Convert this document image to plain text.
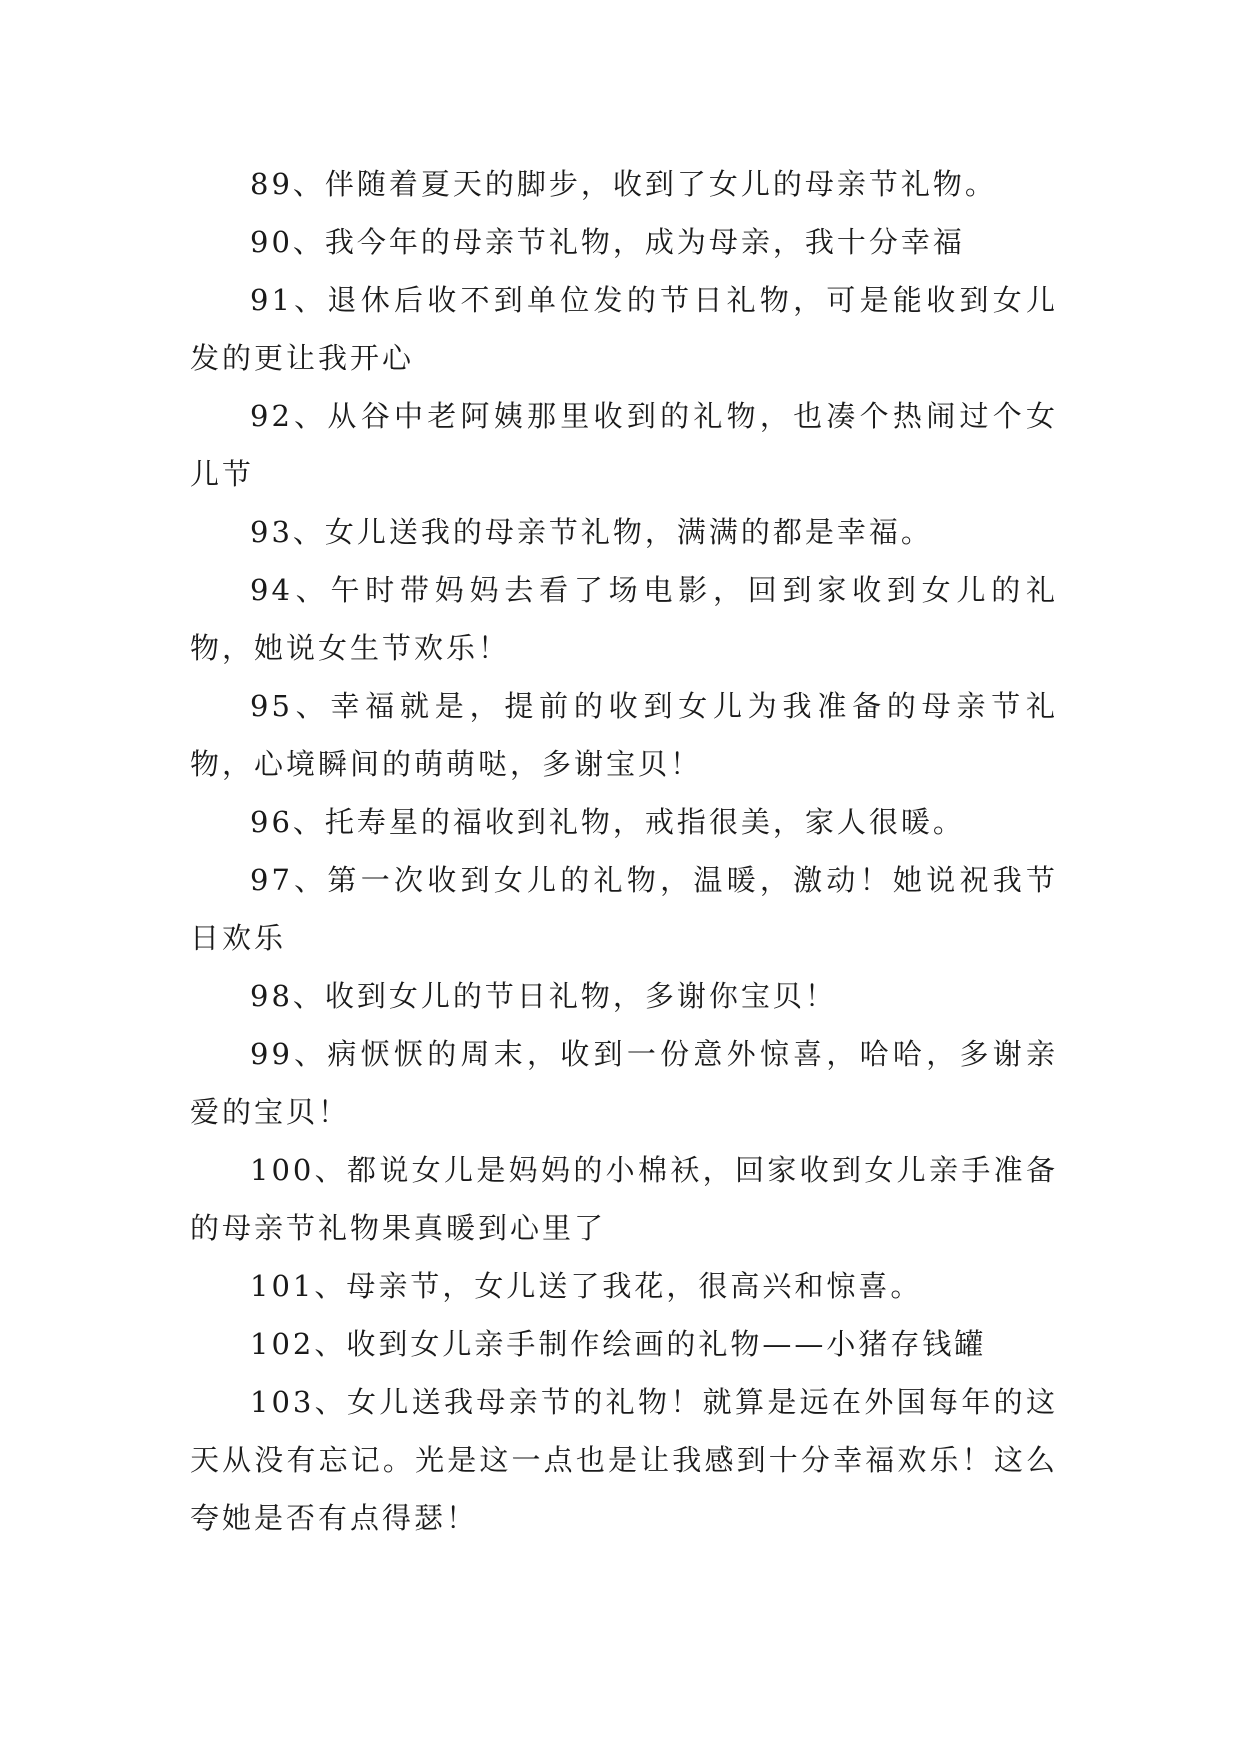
89、伴随着夏天的脚步，收到了女儿的母亲节礼物。

90、我今年的母亲节礼物，成为母亲，我十分幸福

91、退休后收不到单位发的节日礼物，可是能收到女儿发的更让我开心

92、从谷中老阿姨那里收到的礼物，也凑个热闹过个女儿节

93、女儿送我的母亲节礼物，满满的都是幸福。

94、午时带妈妈去看了场电影，回到家收到女儿的礼物，她说女生节欢乐！

95、幸福就是，提前的收到女儿为我准备的母亲节礼物，心境瞬间的萌萌哒，多谢宝贝！

96、托寿星的福收到礼物，戒指很美，家人很暖。

97、第一次收到女儿的礼物，温暖，激动！她说祝我节日欢乐

98、收到女儿的节日礼物，多谢你宝贝！

99、病恹恹的周末，收到一份意外惊喜，哈哈，多谢亲爱的宝贝！

100、都说女儿是妈妈的小棉袄，回家收到女儿亲手准备的母亲节礼物果真暖到心里了

101、母亲节，女儿送了我花，很高兴和惊喜。

102、收到女儿亲手制作绘画的礼物——小猪存钱罐

103、女儿送我母亲节的礼物！就算是远在外国每年的这天从没有忘记。光是这一点也是让我感到十分幸福欢乐！这么夸她是否有点得瑟！
